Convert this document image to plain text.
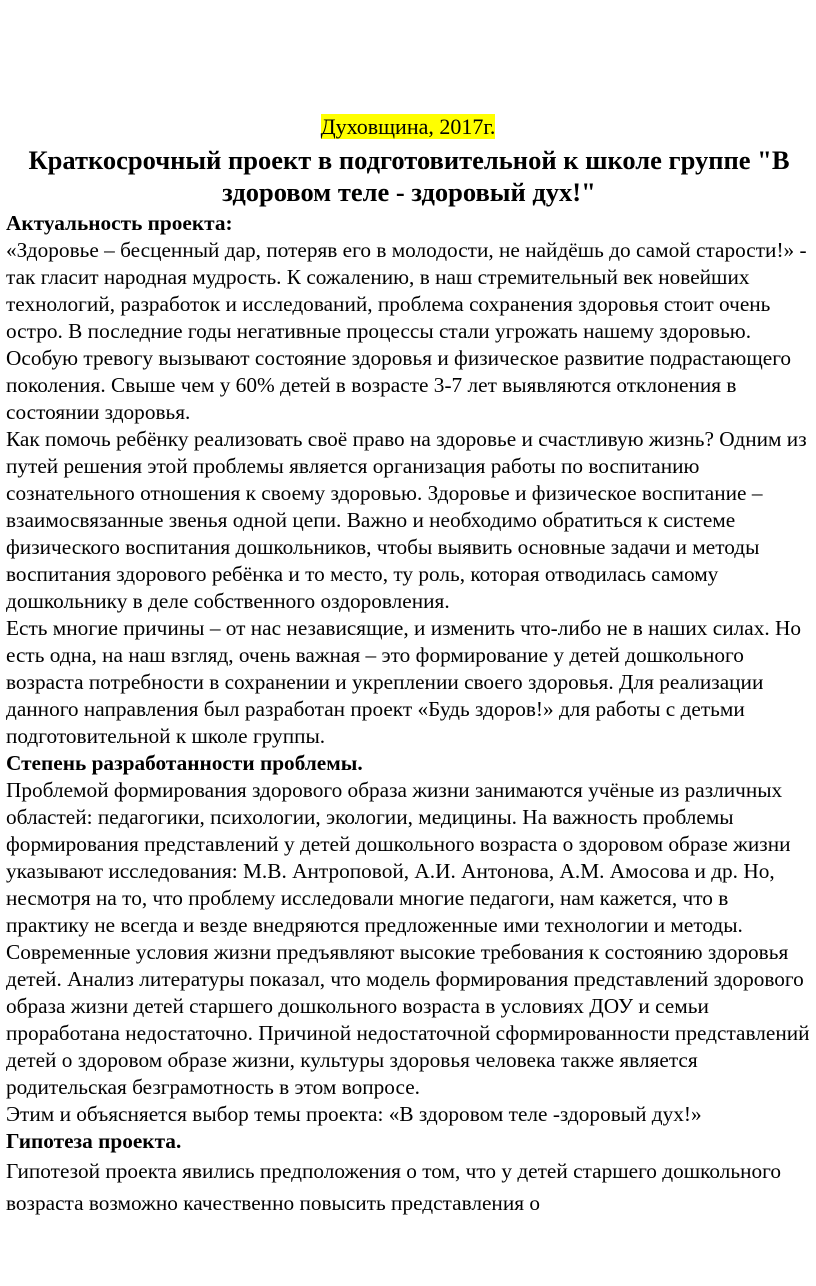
Духовщина, 2017г.
Краткосрочный проект в подготовительной к школе группе "В здоровом теле - здоровый дух!"

Актуальность проекта:

«Здоровье – бесценный дар, потеряв его в молодости, не найдёшь до самой старости!» - так гласит народная мудрость. К сожалению, в наш стремительный век новейших технологий, разработок и исследований, проблема сохранения здоровья стоит очень остро. В последние годы негативные процессы стали угрожать нашему здоровью. Особую тревогу вызывают состояние здоровья и физическое развитие подрастающего поколения. Свыше чем у 60% детей в возрасте 3-7 лет выявляются отклонения в состоянии здоровья.

Как помочь ребёнку реализовать своё право на здоровье и счастливую жизнь? Одним из путей решения этой проблемы является организация работы по воспитанию сознательного отношения к своему здоровью. Здоровье и физическое воспитание – взаимосвязанные звенья одной цепи. Важно и необходимо обратиться к системе физического воспитания дошкольников, чтобы выявить основные задачи и методы воспитания здорового ребёнка и то место, ту роль, которая отводилась самому дошкольнику в деле собственного оздоровления.

Есть многие причины – от нас независящие, и изменить что-либо не в наших силах. Но есть одна, на наш взгляд, очень важная – это формирование у детей дошкольного возраста потребности в сохранении и укреплении своего здоровья. Для реализации данного направления был разработан проект «Будь здоров!» для работы с детьми подготовительной к школе группы.

Степень разработанности проблемы.

Проблемой формирования здорового образа жизни занимаются учёные из различных областей: педагогики, психологии, экологии, медицины. На важность проблемы формирования представлений у детей дошкольного возраста о здоровом образе жизни указывают исследования: М.В. Антроповой, А.И. Антонова, А.М. Амосова и др. Но, несмотря на то, что проблему исследовали многие педагоги, нам кажется, что в практику не всегда и везде внедряются предложенные ими технологии и методы. Современные условия жизни предъявляют высокие требования к состоянию здоровья детей. Анализ литературы показал, что модель формирования представлений здорового образа жизни детей старшего дошкольного возраста в условиях ДОУ и семьи проработана недостаточно. Причиной недостаточной сформированности представлений детей о здоровом образе жизни, культуры здоровья человека также является родительская безграмотность в этом вопросе.

Этим и объясняется выбор темы проекта: «В здоровом теле -здоровый дух!»

Гипотеза проекта.

Гипотезой проекта явились предположения о том, что у детей старшего дошкольного возраста возможно качественно повысить представления о
